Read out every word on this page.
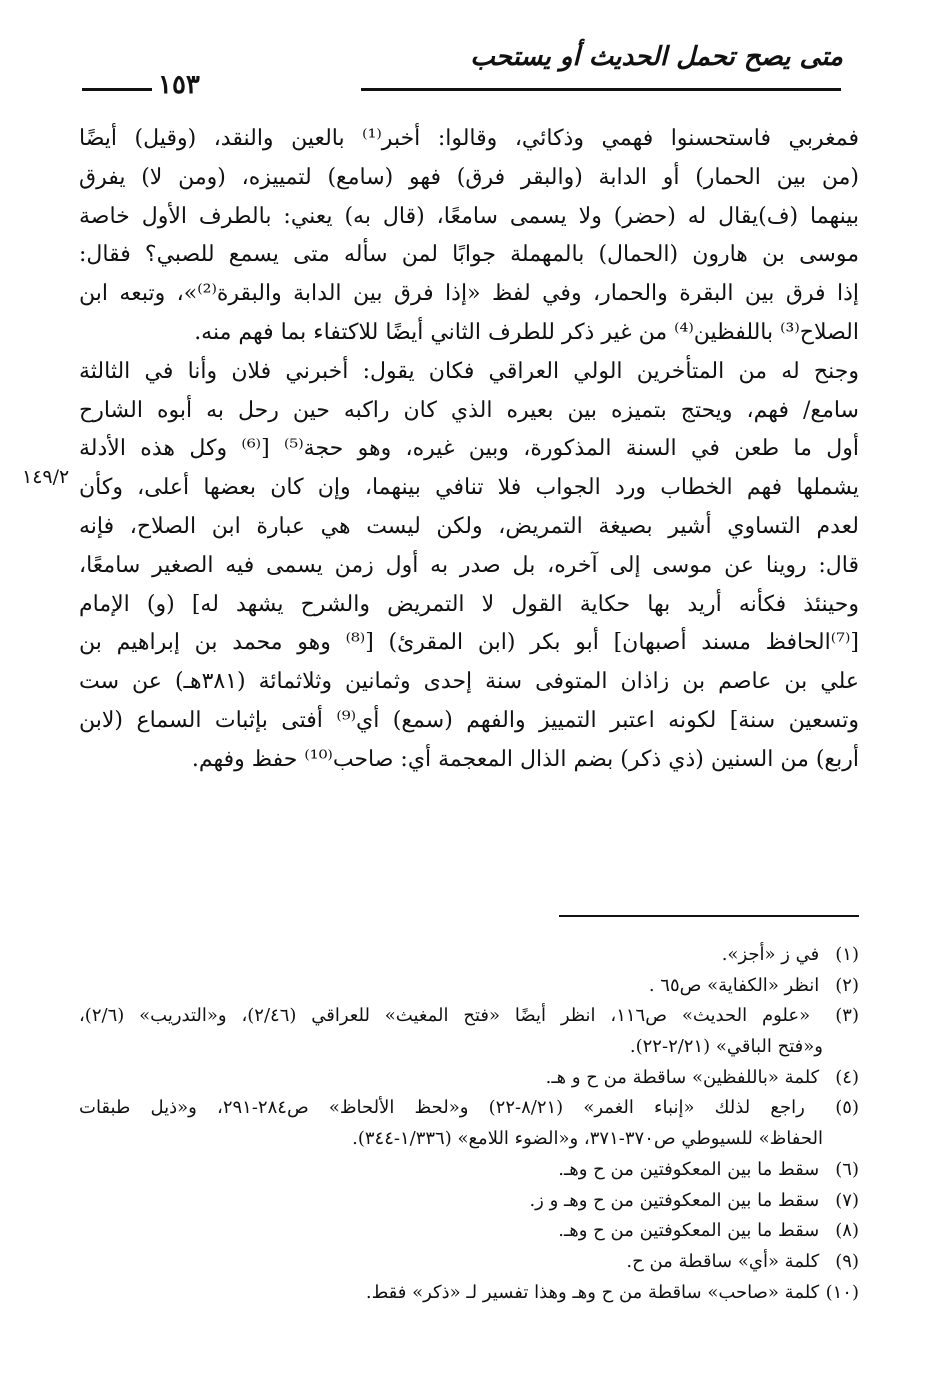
متى يصح تحمل الحديث أو يستحب
١٥٣
١٤٩/٢
فمغربي فاستحسنوا فهمي وذكائي، وقالوا: أخبر⁽¹⁾ بالعين والنقد، (وقيل) أيضًا
(من بين الحمار) أو الدابة (والبقر فرق) فهو (سامع) لتمييزه، (ومن لا) يفرق
بينهما (ف)يقال له (حضر) ولا يسمى سامعًا، (قال به) يعني: بالطرف الأول خاصة
موسى بن هارون (الحمال) بالمهملة جوابًا لمن سأله متى يسمع للصبي؟ فقال:
إذا فرق بين البقرة والحمار، وفي لفظ «إذا فرق بين الدابة والبقرة⁽²⁾»، وتبعه ابن
الصلاح⁽³⁾ باللفظين⁽⁴⁾ من غير ذكر للطرف الثاني أيضًا للاكتفاء بما فهم منه.
وجنح له من المتأخرين الولي العراقي فكان يقول: أخبرني فلان وأنا في الثالثة
سامع/ فهم، ويحتج بتميزه بين بعيره الذي كان راكبه حين رحل به أبوه الشارح
أول ما طعن في السنة المذكورة، وبين غيره، وهو حجة⁽⁵⁾ [⁽⁶⁾ وكل هذه الأدلة
يشملها فهم الخطاب ورد الجواب فلا تنافي بينهما، وإن كان بعضها أعلى، وكأن
لعدم التساوي أشير بصيغة التمريض، ولكن ليست هي عبارة ابن الصلاح، فإنه
قال: روينا عن موسى إلى آخره، بل صدر به أول زمن يسمى فيه الصغير سامعًا،
وحينئذ فكأنه أريد بها حكاية القول لا التمريض والشرح يشهد له] (و) الإمام
[⁽⁷⁾الحافظ مسند أصبهان] أبو بكر (ابن المقرئ) [⁽⁸⁾ وهو محمد بن إبراهيم بن
علي بن عاصم بن زاذان المتوفى سنة إحدى وثمانين وثلاثمائة (٣٨١هـ) عن ست
وتسعين سنة] لكونه اعتبر التمييز والفهم (سمع) أي⁽⁹⁾ أفتى بإثبات السماع (لابن
أربع) من السنين (ذي ذكر) بضم الذال المعجمة أي: صاحب⁽¹⁰⁾ حفظ وفهم.
(١) في ز «أجز».
(٢) انظر «الكفاية» ص٦٥ .
(٣) «علوم الحديث» ص١١٦، انظر أيضًا «فتح المغيث» للعراقي (٢/٤٦)، و«التدريب» (٢/٦)،
و«فتح الباقي» (٢/٢١-٢٢).
(٤) كلمة «باللفظين» ساقطة من ح و هـ.
(٥) راجع لذلك «إنباء الغمر» (٨/٢١-٢٢) و«لحظ الألحاظ» ص٢٨٤-٢٩١، و«ذيل طبقات
الحفاظ» للسيوطي ص٣٧٠-٣٧١، و«الضوء اللامع» (١/٣٣٦-٣٤٤).
(٦) سقط ما بين المعكوفتين من ح وهـ.
(٧) سقط ما بين المعكوفتين من ح وهـ و ز.
(٨) سقط ما بين المعكوفتين من ح وهـ.
(٩) كلمة «أي» ساقطة من ح.
(١٠) كلمة «صاحب» ساقطة من ح وهـ وهذا تفسير لـ «ذكر» فقط.
